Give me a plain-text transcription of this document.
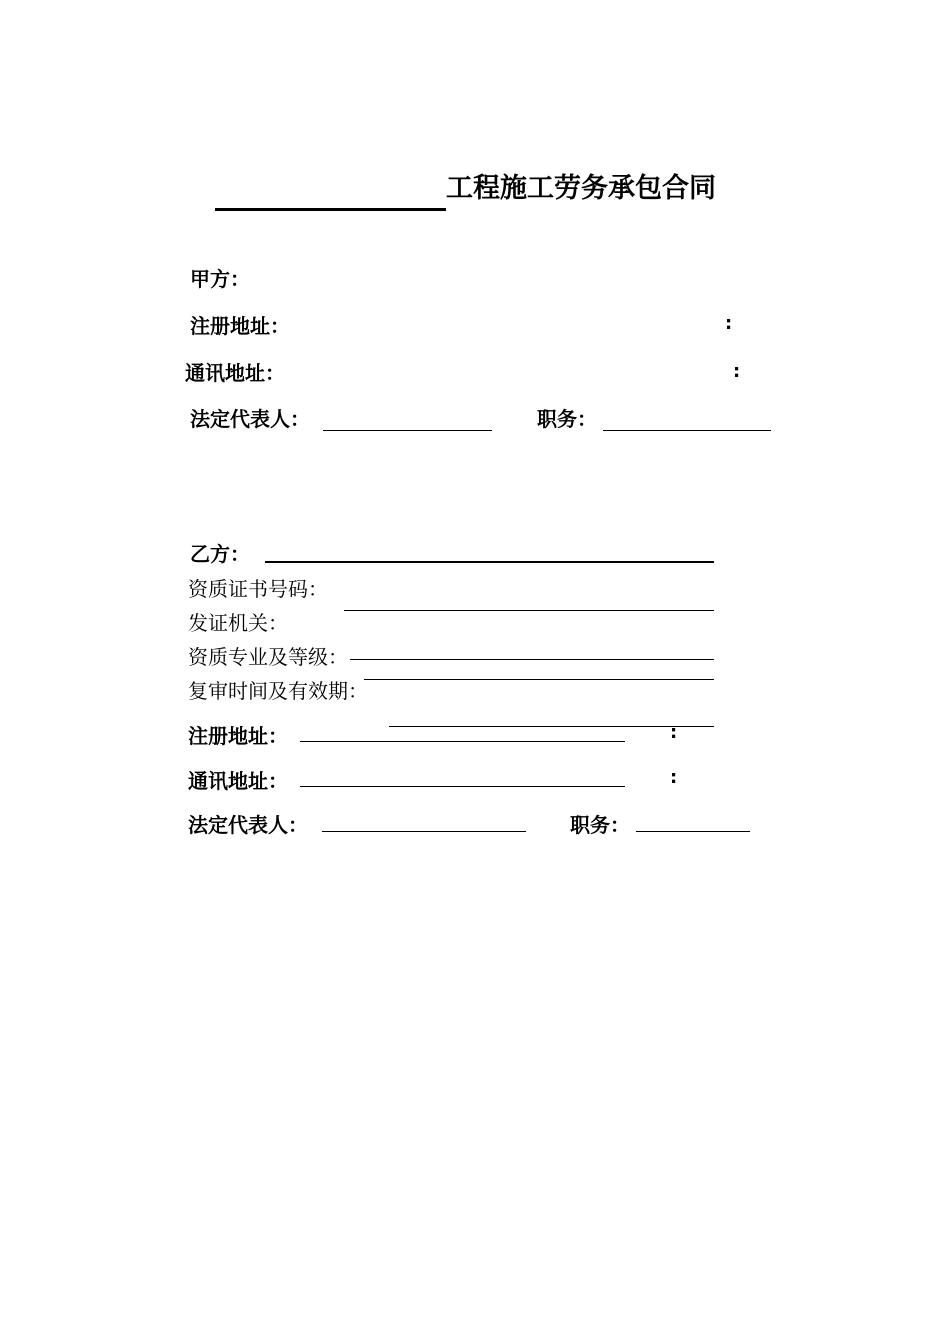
工程施工劳务承包合同
甲方：
注册地址：	:
通讯地址：	:
法定代表人：	职务：
乙方：
资质证书号码：
发证机关：
资质专业及等级：
复审时间及有效期：
注册地址：	:
通讯地址：	:
法定代表人：	职务：
